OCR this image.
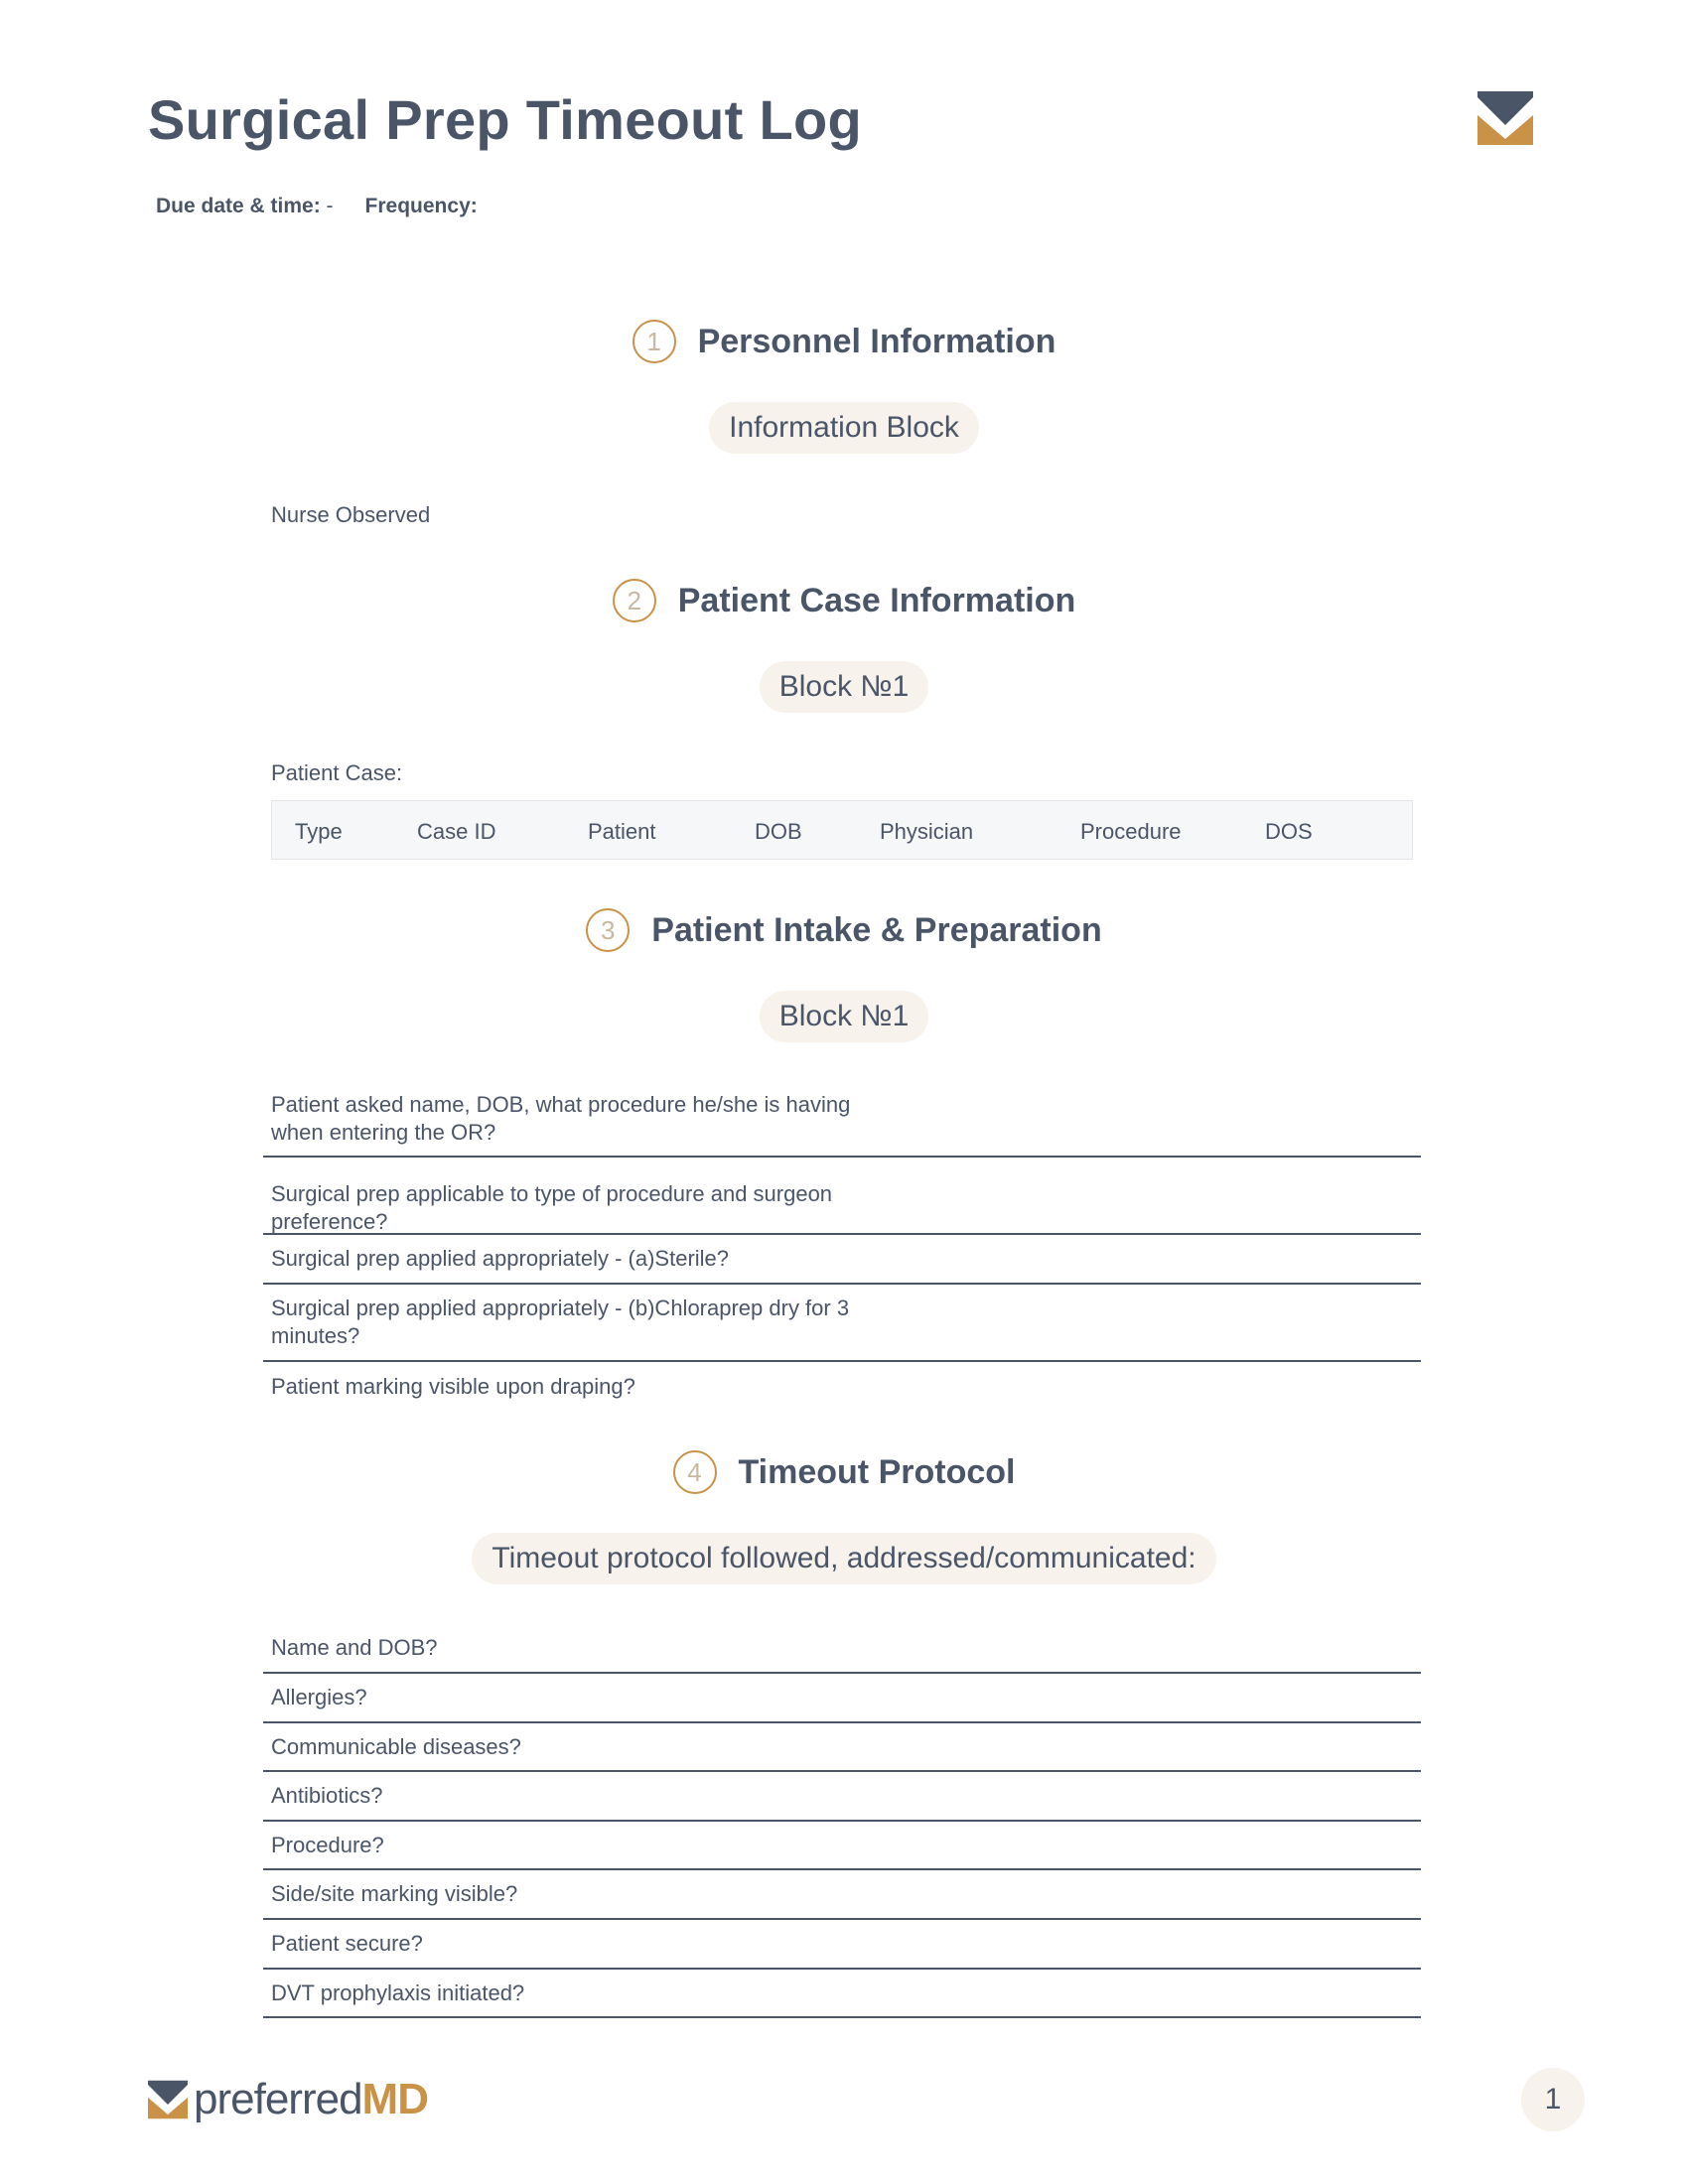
Surgical Prep Timeout Log
Due date & time: - Frequency:
1	Personnel Information
Information Block
Nurse Observed
2	Patient Case Information
Block №1
Patient Case:
Type	Case ID	Patient	DOB	Physician	Procedure	DOS
3	Patient Intake & Preparation
Block №1
Patient asked name, DOB, what procedure he/she is having when entering the OR?
Surgical prep applicable to type of procedure and surgeon preference?
Surgical prep applied appropriately - (a)Sterile?
Surgical prep applied appropriately - (b)Chloraprep dry for 3 minutes?
Patient marking visible upon draping?
4	Timeout Protocol
Timeout protocol followed, addressed/communicated:
Name and DOB?
Allergies?
Communicable diseases?
Antibiotics?
Procedure?
Side/site marking visible?
Patient secure?
DVT prophylaxis initiated?
preferredMD	1
